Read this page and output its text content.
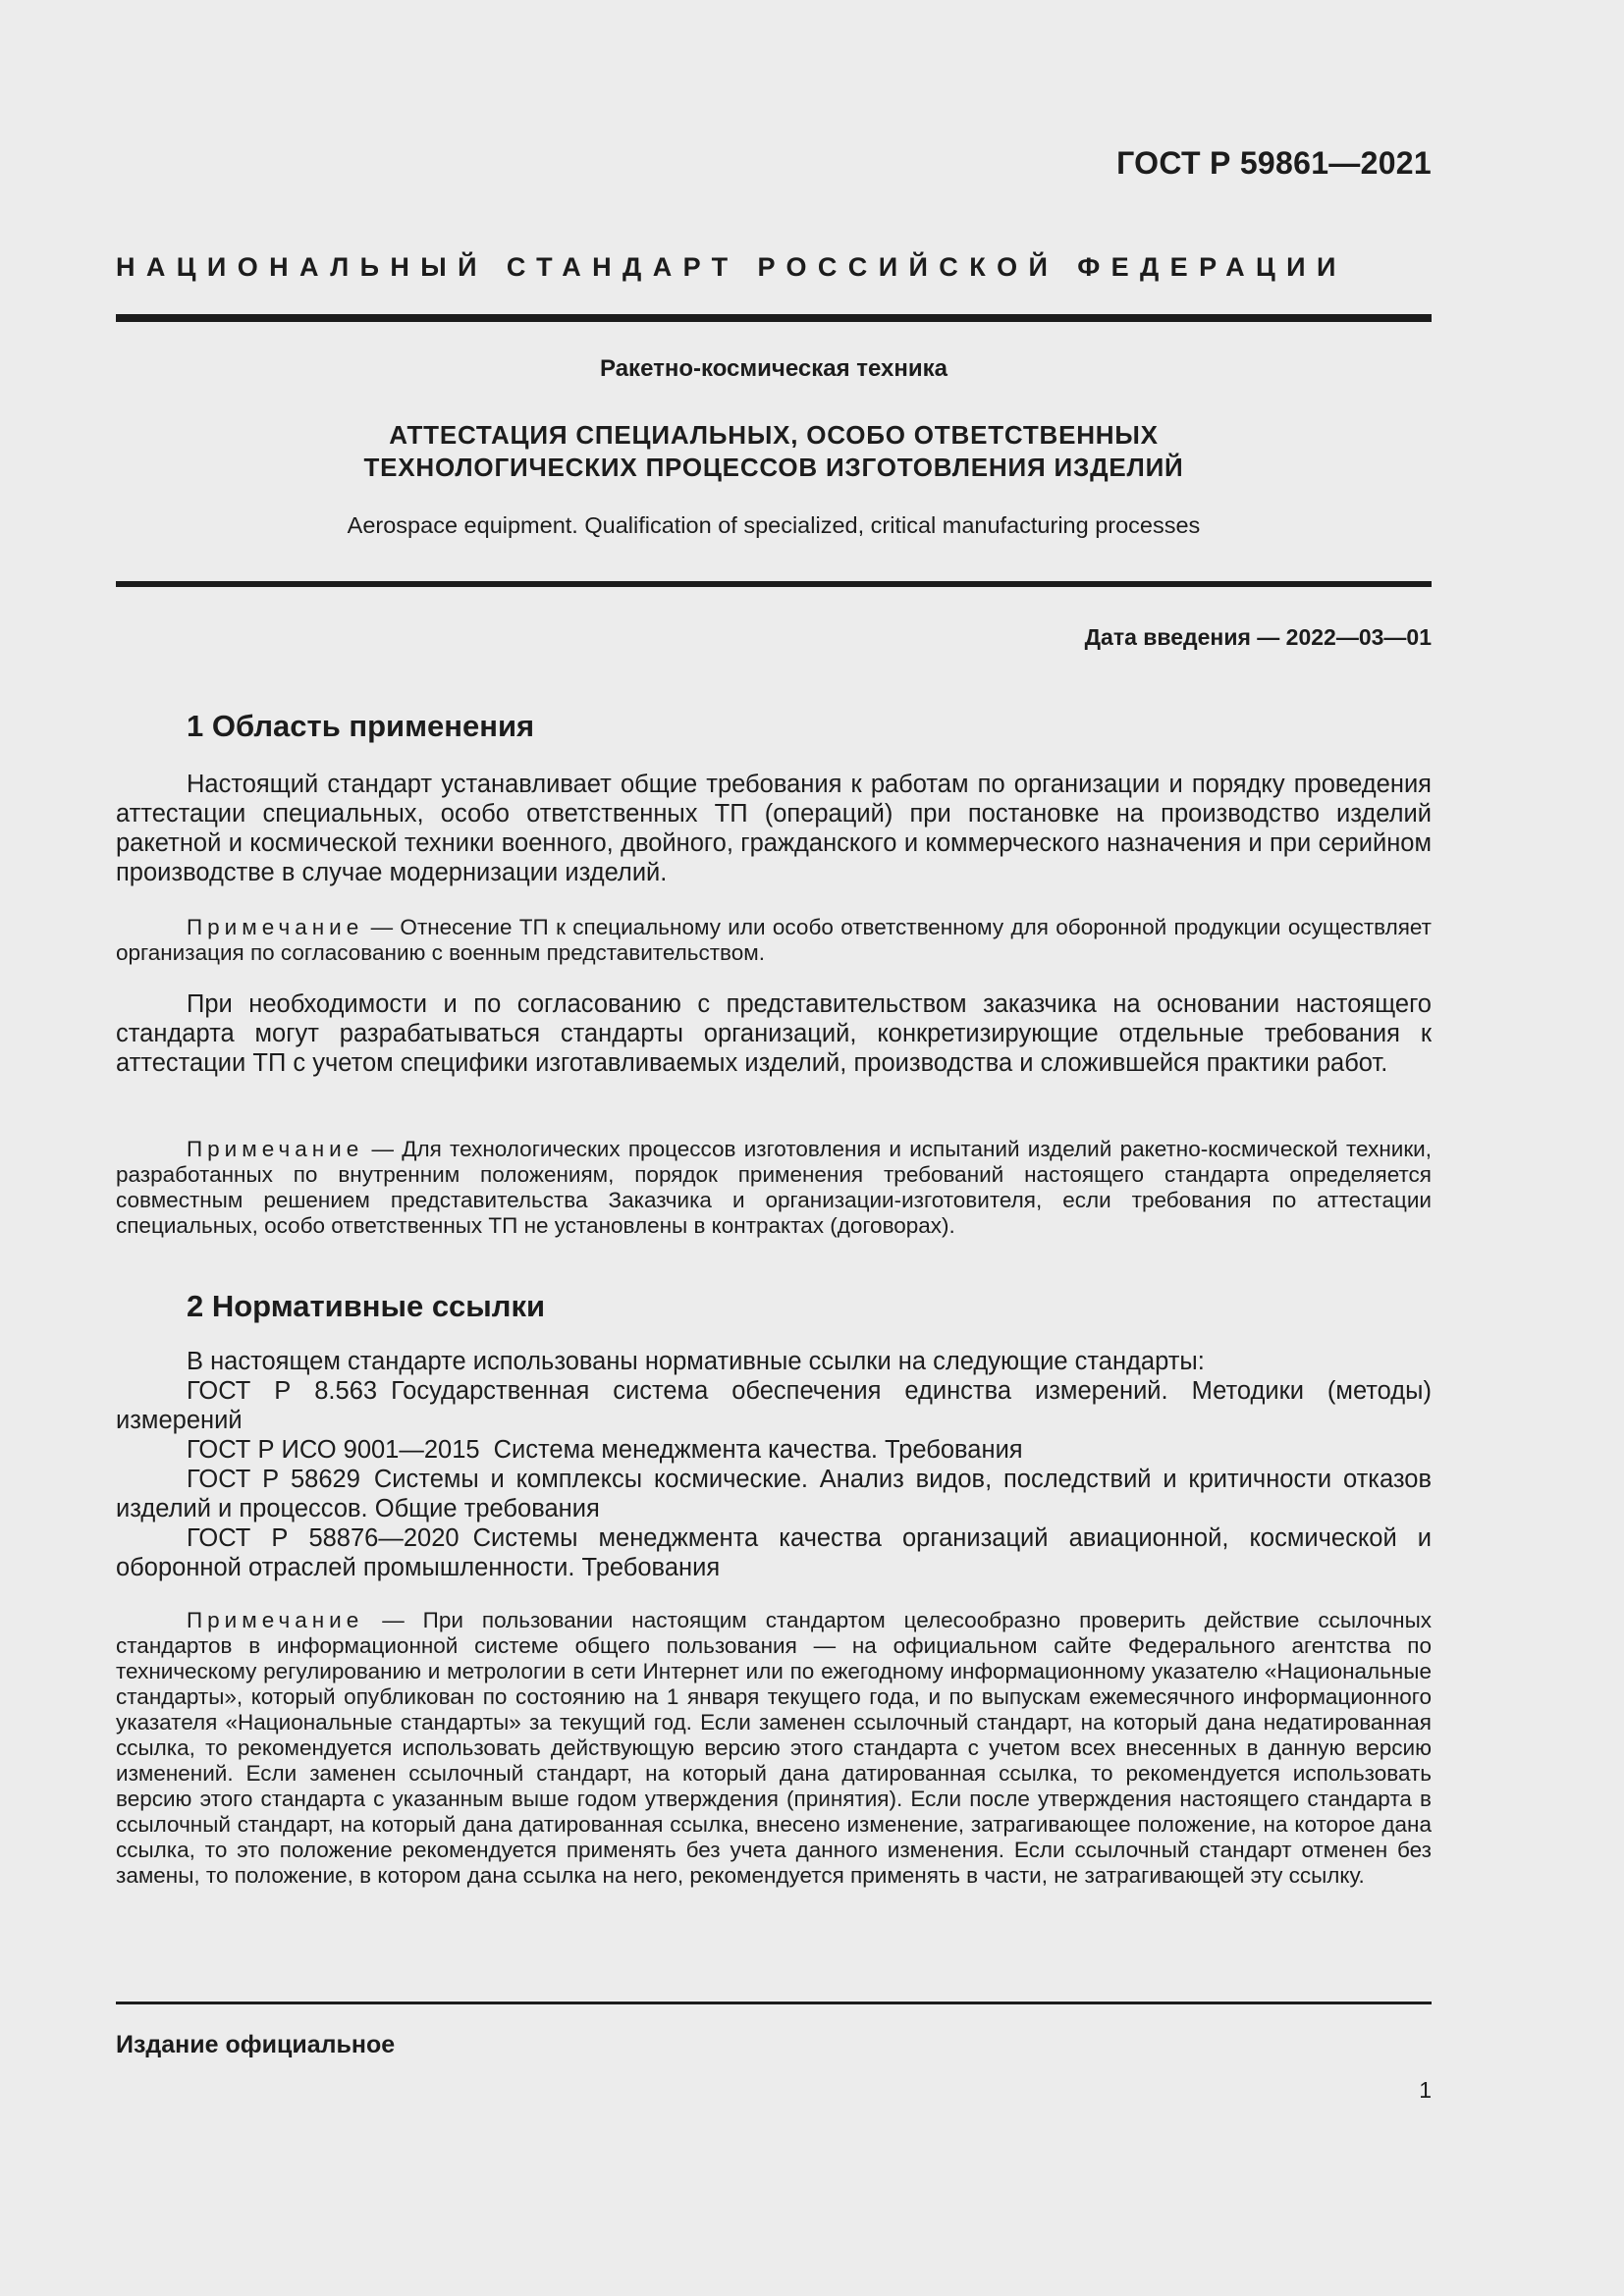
ГОСТ Р 59861—2021
НАЦИОНАЛЬНЫЙ СТАНДАРТ РОССИЙСКОЙ ФЕДЕРАЦИИ
Ракетно-космическая техника
АТТЕСТАЦИЯ СПЕЦИАЛЬНЫХ, ОСОБО ОТВЕТСТВЕННЫХ
ТЕХНОЛОГИЧЕСКИХ ПРОЦЕССОВ ИЗГОТОВЛЕНИЯ ИЗДЕЛИЙ
Aerospace equipment. Qualification of specialized, critical manufacturing processes
Дата введения — 2022—03—01
1 Область применения
Настоящий стандарт устанавливает общие требования к работам по организации и порядку проведения аттестации специальных, особо ответственных ТП (операций) при постановке на производство изделий ракетной и космической техники военного, двойного, гражданского и коммерческого назначения и при серийном производстве в случае модернизации изделий.
Примечание — Отнесение ТП к специальному или особо ответственному для оборонной продукции осуществляет организация по согласованию с военным представительством.
При необходимости и по согласованию с представительством заказчика на основании настоящего стандарта могут разрабатываться стандарты организаций, конкретизирующие отдельные требования к аттестации ТП с учетом специфики изготавливаемых изделий, производства и сложившейся практики работ.
Примечание — Для технологических процессов изготовления и испытаний изделий ракетно-космической техники, разработанных по внутренним положениям, порядок применения требований настоящего стандарта определяется совместным решением представительства Заказчика и организации-изготовителя, если требования по аттестации специальных, особо ответственных ТП не установлены в контрактах (договорах).
2 Нормативные ссылки
В настоящем стандарте использованы нормативные ссылки на следующие стандарты:
ГОСТ Р 8.563 Государственная система обеспечения единства измерений. Методики (методы) измерений
ГОСТ Р ИСО 9001—2015 Система менеджмента качества. Требования
ГОСТ Р 58629 Системы и комплексы космические. Анализ видов, последствий и критичности отказов изделий и процессов. Общие требования
ГОСТ Р 58876—2020 Системы менеджмента качества организаций авиационной, космической и оборонной отраслей промышленности. Требования
Примечание — При пользовании настоящим стандартом целесообразно проверить действие ссылочных стандартов в информационной системе общего пользования — на официальном сайте Федерального агентства по техническому регулированию и метрологии в сети Интернет или по ежегодному информационному указателю «Национальные стандарты», который опубликован по состоянию на 1 января текущего года, и по выпускам ежемесячного информационного указателя «Национальные стандарты» за текущий год. Если заменен ссылочный стандарт, на который дана недатированная ссылка, то рекомендуется использовать действующую версию этого стандарта с учетом всех внесенных в данную версию изменений. Если заменен ссылочный стандарт, на который дана датированная ссылка, то рекомендуется использовать версию этого стандарта с указанным выше годом утверждения (принятия). Если после утверждения настоящего стандарта в ссылочный стандарт, на который дана датированная ссылка, внесено изменение, затрагивающее положение, на которое дана ссылка, то это положение рекомендуется применять без учета данного изменения. Если ссылочный стандарт отменен без замены, то положение, в котором дана ссылка на него, рекомендуется применять в части, не затрагивающей эту ссылку.
Издание официальное
1
